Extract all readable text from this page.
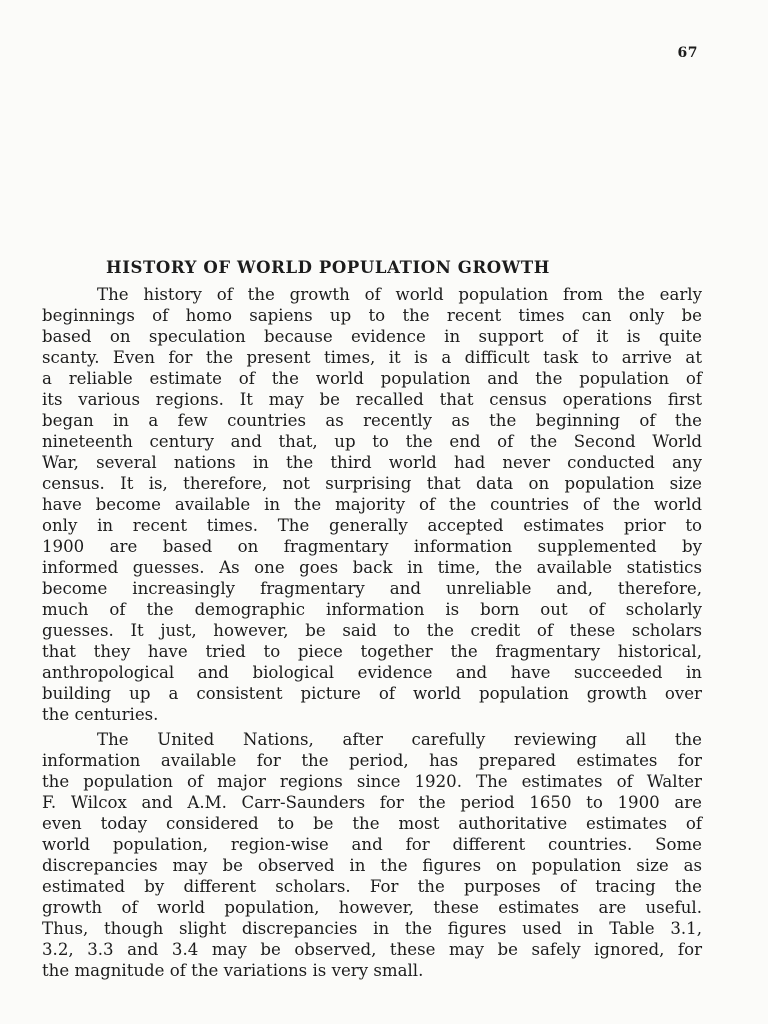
67
HISTORY OF WORLD POPULATION GROWTH
The history of the growth of world population from the early
beginnings of homo sapiens up to the recent times can only be
based on speculation because evidence in support of it is quite
scanty. Even for the present times, it is a difficult task to arrive at
a reliable estimate of the world population and the population of
its various regions. It may be recalled that census operations first
began in a few countries as recently as the beginning of the
nineteenth century and that, up to the end of the Second World
War, several nations in the third world had never conducted any
census. It is, therefore, not surprising that data on population size
have become available in the majority of the countries of the world
only in recent times. The generally accepted estimates prior to
1900 are based on fragmentary information supplemented by
informed guesses. As one goes back in time, the available statistics
become increasingly fragmentary and unreliable and, therefore,
much of the demographic information is born out of scholarly
guesses. It just, however, be said to the credit of these scholars
that they have tried to piece together the fragmentary historical,
anthropological and biological evidence and have succeeded in
building up a consistent picture of world population growth over
the centuries.
The United Nations, after carefully reviewing all the
information available for the period, has prepared estimates for
the population of major regions since 1920. The estimates of Walter
F. Wilcox and A.M. Carr-Saunders for the period 1650 to 1900 are
even today considered to be the most authoritative estimates of
world population, region-wise and for different countries. Some
discrepancies may be observed in the figures on population size as
estimated by different scholars. For the purposes of tracing the
growth of world population, however, these estimates are useful.
Thus, though slight discrepancies in the figures used in Table 3.1,
3.2, 3.3 and 3.4 may be observed, these may be safely ignored, for
the magnitude of the variations is very small.
